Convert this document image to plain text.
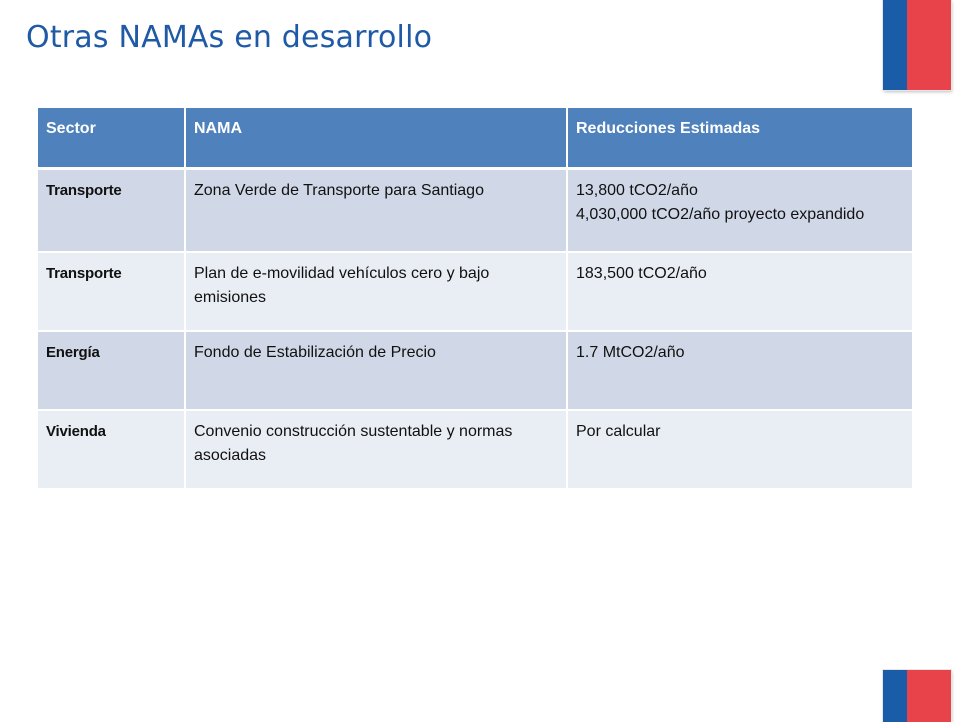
Otras NAMAs en desarrollo
Sector	NAMA	Reducciones Estimadas
Transporte	Zona Verde de Transporte para Santiago	13,800 tCO2/año
4,030,000 tCO2/año proyecto expandido

Transporte	Plan de e-movilidad vehículos cero y bajo emisiones	183,500 tCO2/año

Energía	Fondo de Estabilización de Precio	1.7 MtCO2/año

Vivienda	Convenio construcción sustentable y normas asociadas	Por calcular
